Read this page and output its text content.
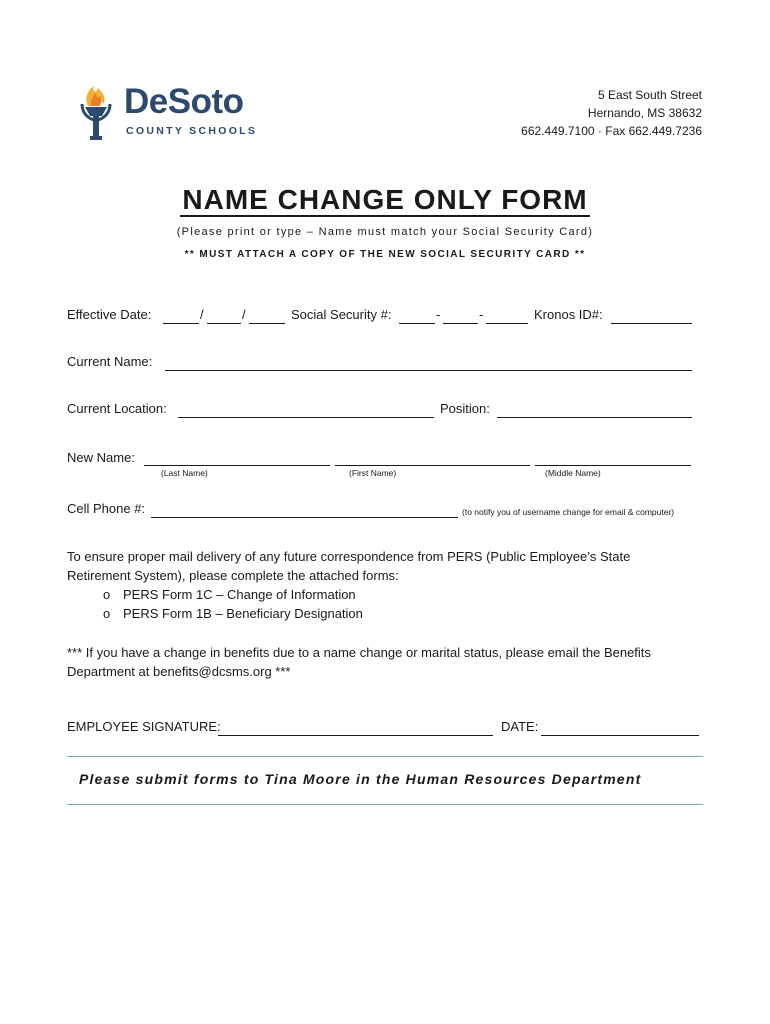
DeSoto
COUNTY SCHOOLS
5 East South Street
Hernando, MS 38632
662.449.7100 · Fax 662.449.7236
NAME CHANGE ONLY FORM
(Please print or type – Name must match your Social Security Card)
** MUST ATTACH A COPY OF THE NEW SOCIAL SECURITY CARD **
Effective Date:	/	/	Social Security #:	-	-	Kronos ID#:
Current Name:
Current Location:	Position:
New Name:
(Last Name)	(First Name)	(Middle Name)
Cell Phone #:	(to notify you of username change for email & computer)
To ensure proper mail delivery of any future correspondence from PERS (Public Employee’s State
Retirement System), please complete the attached forms:
o PERS Form 1C – Change of Information
o PERS Form 1B – Beneficiary Designation
*** If you have a change in benefits due to a name change or marital status, please email the Benefits
Department at benefits@dcsms.org ***
EMPLOYEE SIGNATURE:	DATE:
Please submit forms to Tina Moore in the Human Resources Department
